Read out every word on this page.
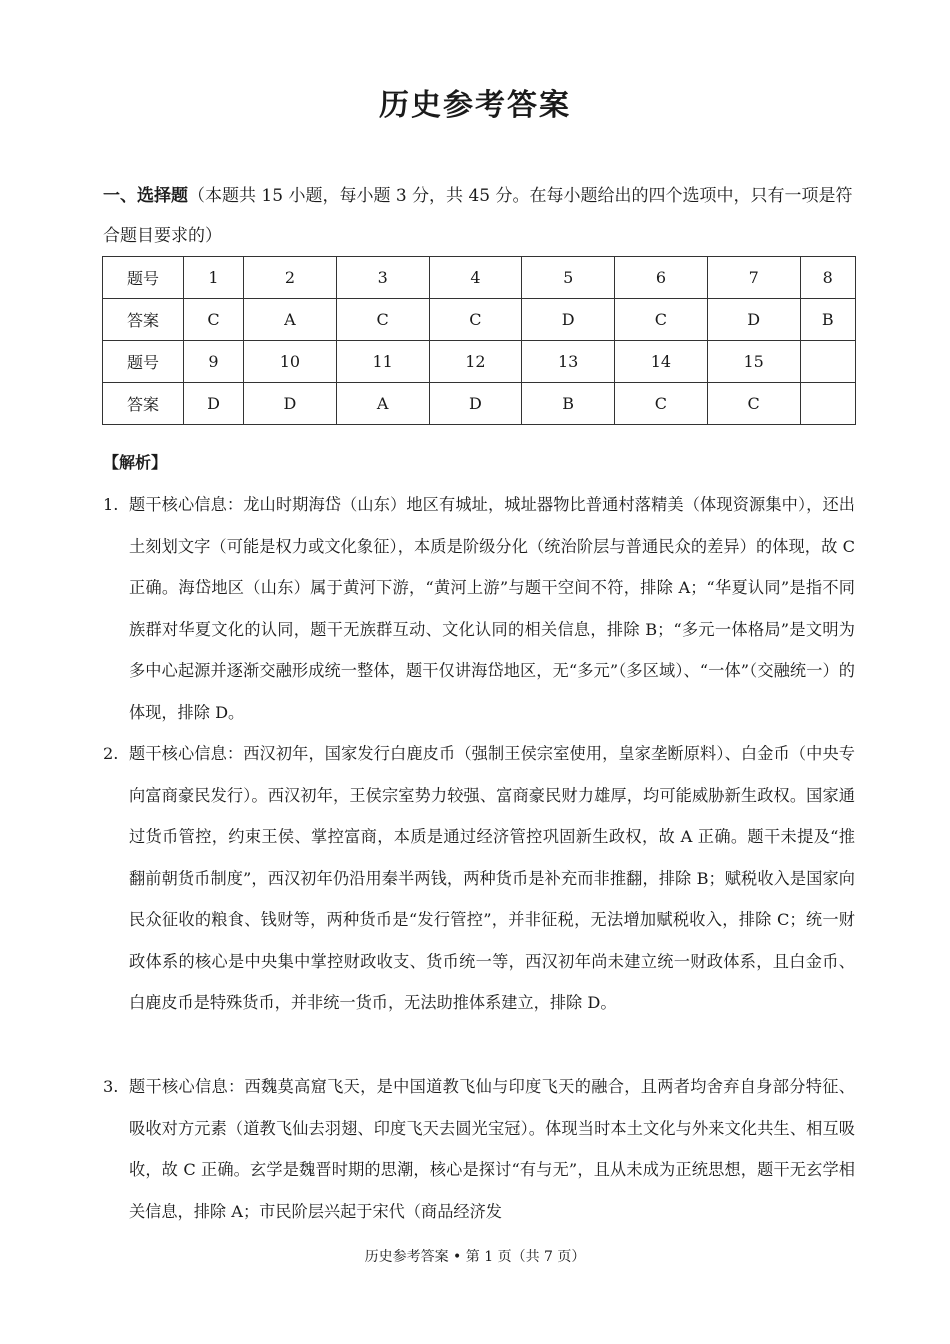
历史参考答案
一、选择题（本题共 15 小题，每小题 3 分，共 45 分。在每小题给出的四个选项中，只有一项是符合题目要求的）
题号	1	2	3	4	5	6	7	8
答案	C	A	C	C	D	C	D	B
题号	9	10	11	12	13	14	15	
答案	D	D	A	D	B	C	C	
【解析】
1. 题干核心信息：龙山时期海岱（山东）地区有城址，城址器物比普通村落精美（体现资源集中），还出土刻划文字（可能是权力或文化象征），本质是阶级分化（统治阶层与普通民众的差异）的体现，故 C 正确。海岱地区（山东）属于黄河下游，“黄河上游”与题干空间不符，排除 A；“华夏认同”是指不同族群对华夏文化的认同，题干无族群互动、文化认同的相关信息，排除 B；“多元一体格局”是文明为多中心起源并逐渐交融形成统一整体，题干仅讲海岱地区，无“多元”（多区域）、“一体”（交融统一）的体现，排除 D。
2. 题干核心信息：西汉初年，国家发行白鹿皮币（强制王侯宗室使用，皇家垄断原料）、白金币（中央专向富商豪民发行）。西汉初年，王侯宗室势力较强、富商豪民财力雄厚，均可能威胁新生政权。国家通过货币管控，约束王侯、掌控富商，本质是通过经济管控巩固新生政权，故 A 正确。题干未提及“推翻前朝货币制度”，西汉初年仍沿用秦半两钱，两种货币是补充而非推翻，排除 B；赋税收入是国家向民众征收的粮食、钱财等，两种货币是“发行管控”，并非征税，无法增加赋税收入，排除 C；统一财政体系的核心是中央集中掌控财政收支、货币统一等，西汉初年尚未建立统一财政体系，且白金币、白鹿皮币是特殊货币，并非统一货币，无法助推体系建立，排除 D。
3. 题干核心信息：西魏莫高窟飞天，是中国道教飞仙与印度飞天的融合，且两者均舍弃自身部分特征、吸收对方元素（道教飞仙去羽翅、印度飞天去圆光宝冠）。体现当时本土文化与外来文化共生、相互吸收，故 C 正确。玄学是魏晋时期的思潮，核心是探讨“有与无”，且从未成为正统思想，题干无玄学相关信息，排除 A；市民阶层兴起于宋代（商品经济发
历史参考答案 • 第 1 页（共 7 页）
